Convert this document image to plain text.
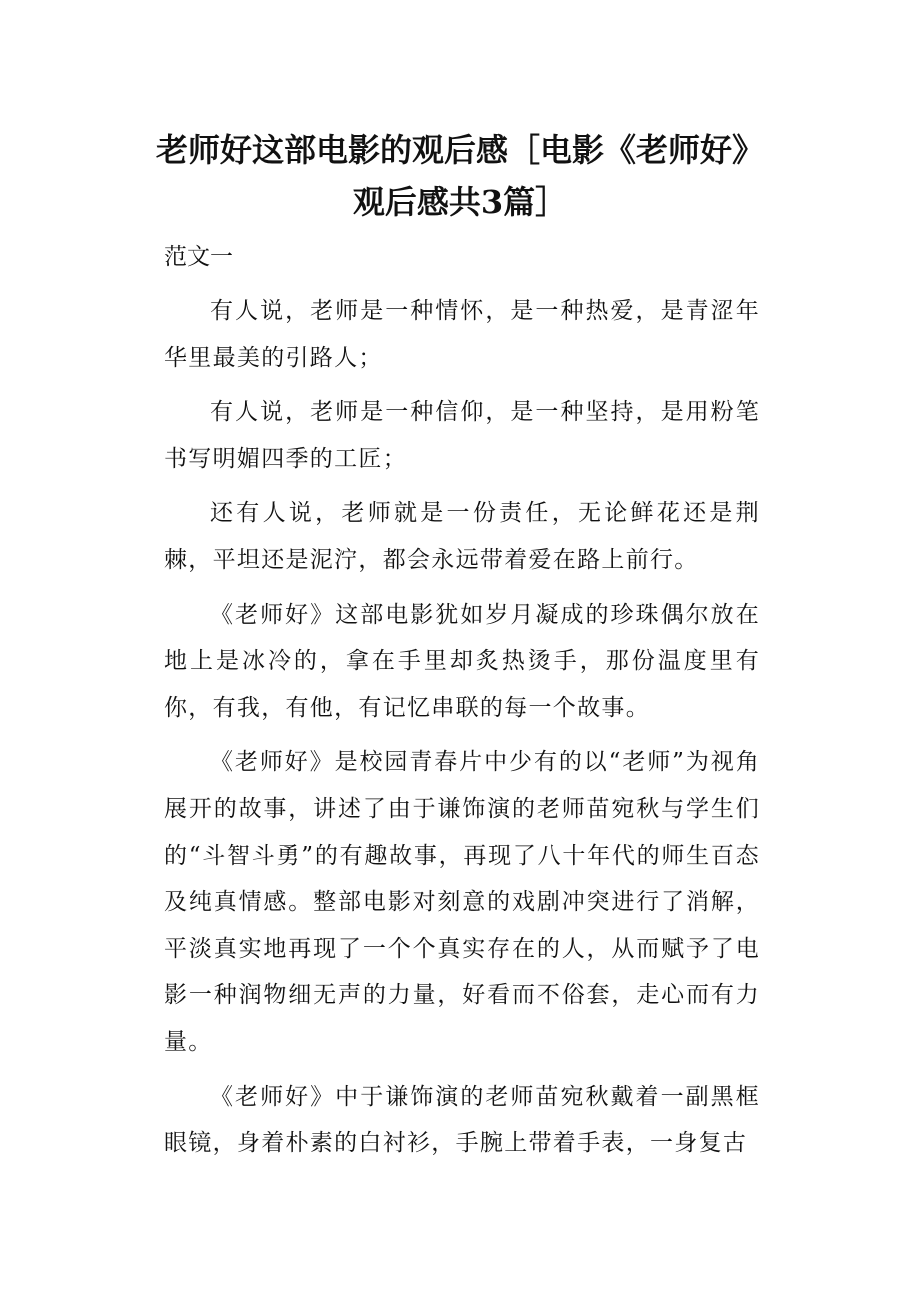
老师好这部电影的观后感［电影《老师好》观后感共3篇］

范文一

有人说，老师是一种情怀，是一种热爱，是青涩年华里最美的引路人；

有人说，老师是一种信仰，是一种坚持，是用粉笔书写明媚四季的工匠；

还有人说，老师就是一份责任，无论鲜花还是荆棘，平坦还是泥泞，都会永远带着爱在路上前行。

《老师好》这部电影犹如岁月凝成的珍珠偶尔放在地上是冰冷的，拿在手里却炙热烫手，那份温度里有你，有我，有他，有记忆串联的每一个故事。

《老师好》是校园青春片中少有的以“老师”为视角展开的故事，讲述了由于谦饰演的老师苗宛秋与学生们的“斗智斗勇”的有趣故事，再现了八十年代的师生百态及纯真情感。整部电影对刻意的戏剧冲突进行了消解，平淡真实地再现了一个个真实存在的人，从而赋予了电影一种润物细无声的力量，好看而不俗套，走心而有力量。

《老师好》中于谦饰演的老师苗宛秋戴着一副黑框眼镜，身着朴素的白衬衫，手腕上带着手表，一身复古
